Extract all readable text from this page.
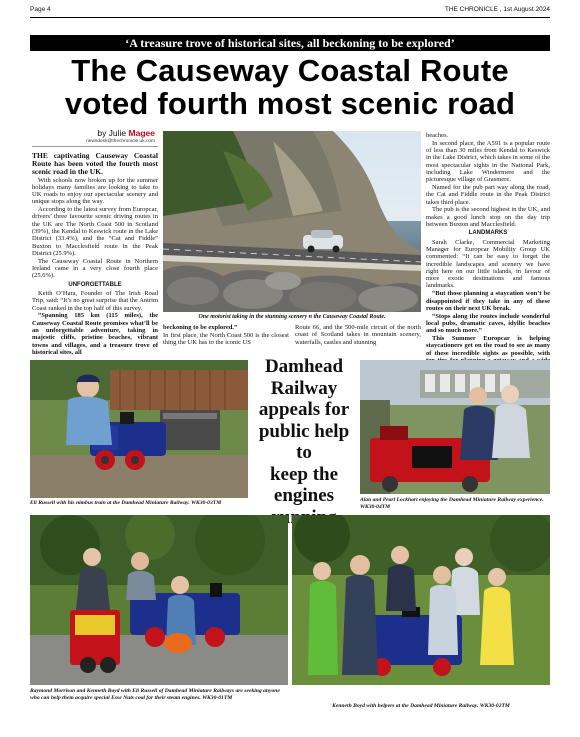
Page 4	THE CHRONICLE , 1st August 2024
‘A treasure trove of historical sites, all beckoning to be explored’
The Causeway Coastal Route
voted fourth most scenic road
by Julie Magee
newsdesk@thechronicle.uk.com

THE captivating Causeway Coastal Route has been voted the fourth most scenic road in the UK.

With schools now broken up for the summer holidays many families are looking to take to UK roads to enjoy our spectacular scenery and unique stops along the way.

According to the latest survey from Europcar, drivers’ three favourite scenic driving routes in the UK are The North Coast 500 in Scotland (39%), the Kendal to Keswick route in the Lake District (33.4%), and the “Cat and Fiddle” Buxton to Macclesfield route in the Peak District (25.9%).

The Causeway Coastal Route in Northern Ireland came in a very close fourth place (25.6%).

UNFORGETTABLE

Keith O’Hara, Founder of The Irish Road Trip, said: “It’s no great surprise that the Antrim Coast ranked in the top half of this survey.

“Spanning 185 km (115 miles), the Causeway Coastal Route promises what’ll be an unforgettable adventure, taking in majestic cliffs, pristine beaches, vibrant towns and villages, and a treasure trove of historical sites, all

One motorist taking in the stunning scenery n the Causeway Coastal Route.

beckoning to be explored.”

In first place, the North Coast 500 is the closest thing the UK has to the iconic US

Route 66, and the 500-mile circuit of the north coast of Scotland takes in mountain scenery, waterfalls, castles and stunning

beaches.

In second place, the A591 is a popular route of less than 30 miles from Kendal to Keswick in the Lake District, which takes in some of the most spectacular sights in the National Park, including Lake Windermere and the picturesque village of Grasmere.

Named for the pub part way along the road, the Cat and Fiddle route in the Peak District takes third place.

The pub is the second highest in the UK, and makes a good lunch stop on the day trip between Buxton and Macclesfield.

LANDMARKS

Sarah Clarke, Commercial Marketing Manager for Europcar Mobility Group UK commented: “It can be easy to forget the incredible landscapes and scenery we have right here on our little islands, in favour of more exotic destinations and famous landmarks.

“But those planning a staycation won’t be disappointed if they take in any of these routes on their next UK break.

“Stops along the routes include wonderful local pubs, dramatic caves, idyllic beaches and so much more.”

This Summer Europcar is helping staycationers get on the road to see as many of these incredible sights as possible, with

Eli Russell with his nimbus train at the Damhead Miniature Railway. WK30-03TM
Damhead
Railway
appeals for
public help to
keep the
engines	Alan and Pearl Lockhart enjoying the Damhead Miniature Railway experience. WK30-04TM
Raymond Morrison and Kenneth Boyd with Eli Russell of Damhead Miniature Railways are seeking anyone who can help them acquire special Esse Nuts coal for their steam engines. WK30-01TM
Kenneth Boyd with helpers at the Damhead Miniature Railway. WK30-02TM
